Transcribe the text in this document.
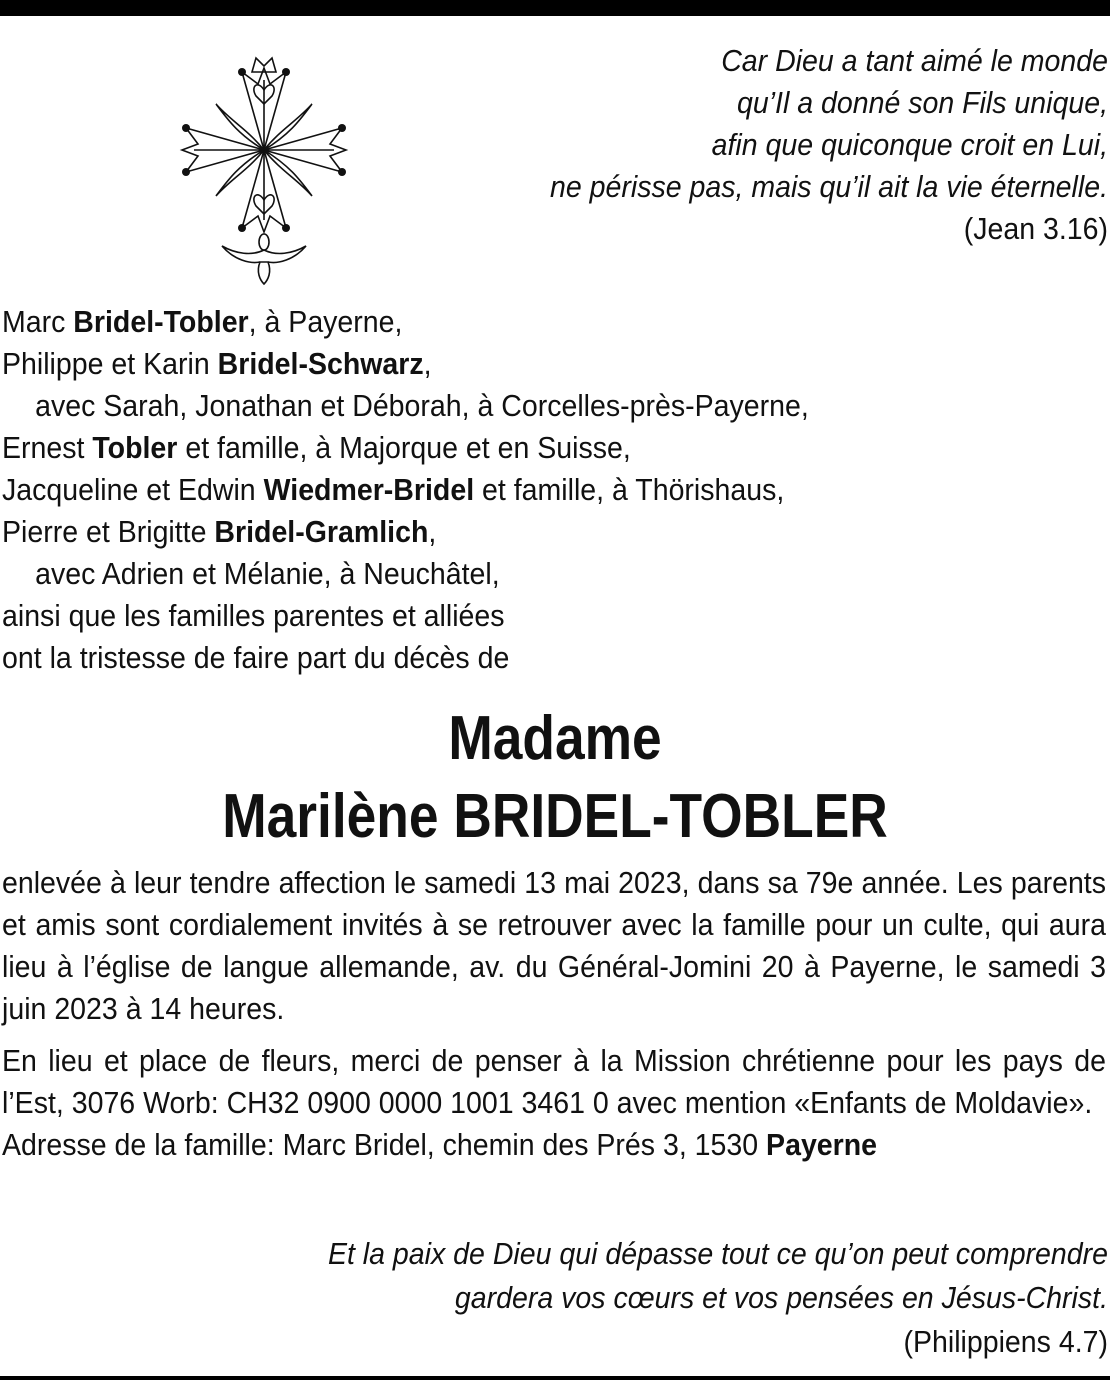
Car Dieu a tant aimé le monde
qu’Il a donné son Fils unique,
afin que quiconque croit en Lui,
ne périsse pas, mais qu’il ait la vie éternelle.
(Jean 3.16)
Marc Bridel-Tobler, à Payerne,
Philippe et Karin Bridel-Schwarz,
avec Sarah, Jonathan et Déborah, à Corcelles-près-Payerne,
Ernest Tobler et famille, à Majorque et en Suisse,
Jacqueline et Edwin Wiedmer-Bridel et famille, à Thörishaus,
Pierre et Brigitte Bridel-Gramlich,
avec Adrien et Mélanie, à Neuchâtel,
ainsi que les familles parentes et alliées
ont la tristesse de faire part du décès de
Madame
Marilène BRIDEL-TOBLER

enlevée à leur tendre affection le samedi 13 mai 2023, dans sa 79e année. Les parents et amis sont cordialement invités à se retrouver avec la famille pour un culte, qui aura lieu à l’église de langue allemande, av. du Général-Jomini 20 à Payerne, le samedi 3 juin 2023 à 14 heures.

En lieu et place de fleurs, merci de penser à la Mission chrétienne pour les pays de l’Est, 3076 Worb: CH32 0900 0000 1001 3461 0 avec mention «Enfants de Moldavie».

Adresse de la famille: Marc Bridel, chemin des Prés 3, 1530 Payerne

Et la paix de Dieu qui dépasse tout ce qu’on peut comprendre
gardera vos cœurs et vos pensées en Jésus-Christ.
(Philippiens 4.7)
